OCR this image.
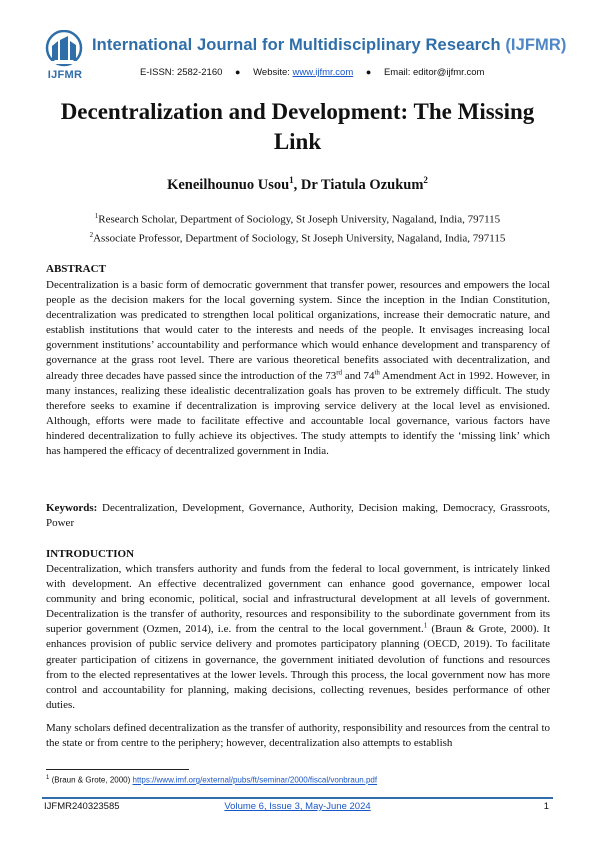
IJFMR
International Journal for Multidisciplinary Research (IJFMR)
E-ISSN: 2582-2160 ● Website: www.ijfmr.com ● Email: editor@ijfmr.com
Decentralization and Development: The Missing Link
Keneilhounuo Usou$^1$, Dr Tiatula Ozukum$^2$
$^1$Research Scholar, Department of Sociology, St Joseph University, Nagaland, India, 797115
$^2$Associate Professor, Department of Sociology, St Joseph University, Nagaland, India, 797115
ABSTRACT

Decentralization is a basic form of democratic government that transfer power, resources and empowers the local people as the decision makers for the local governing system. Since the inception in the Indian Constitution, decentralization was predicated to strengthen local political organizations, increase their democratic nature, and establish institutions that would cater to the interests and needs of the people. It envisages increasing local government institutions’ accountability and performance which would enhance development and transparency of governance at the grass root level. There are various theoretical benefits associated with decentralization, and already three decades have passed since the introduction of the 73rd and 74th Amendment Act in 1992. However, in many instances, realizing these idealistic decentralization goals has proven to be extremely difficult. The study therefore seeks to examine if decentralization is improving service delivery at the local level as envisioned. Although, efforts were made to facilitate effective and accountable local governance, various factors have hindered decentralization to fully achieve its objectives. The study attempts to identify the ‘missing link’ which has hampered the efficacy of decentralized government in India.

Keywords: Decentralization, Development, Governance, Authority, Decision making, Democracy, Grassroots, Power

INTRODUCTION

Decentralization, which transfers authority and funds from the federal to local government, is intricately linked with development. An effective decentralized government can enhance good governance, empower local community and bring economic, political, social and infrastructural development at all levels of government. Decentralization is the transfer of authority, resources and responsibility to the subordinate government from its superior government (Ozmen, 2014), i.e. from the central to the local government.$^1$ (Braun & Grote, 2000). It enhances provision of public service delivery and promotes participatory planning (OECD, 2019). To facilitate greater participation of citizens in governance, the government initiated devolution of functions and resources from to the elected representatives at the lower levels. Through this process, the local government now has more control and accountability for planning, making decisions, collecting revenues, besides performance of other duties.

Many scholars defined decentralization as the transfer of authority, responsibility and resources from the central to the state or from centre to the periphery; however, decentralization also attempts to establish

$^1$ (Braun & Grote, 2000) https://www.imf.org/external/pubs/ft/seminar/2000/fiscal/vonbraun.pdf
IJFMR240323585	Volume 6, Issue 3, May-June 2024	1
